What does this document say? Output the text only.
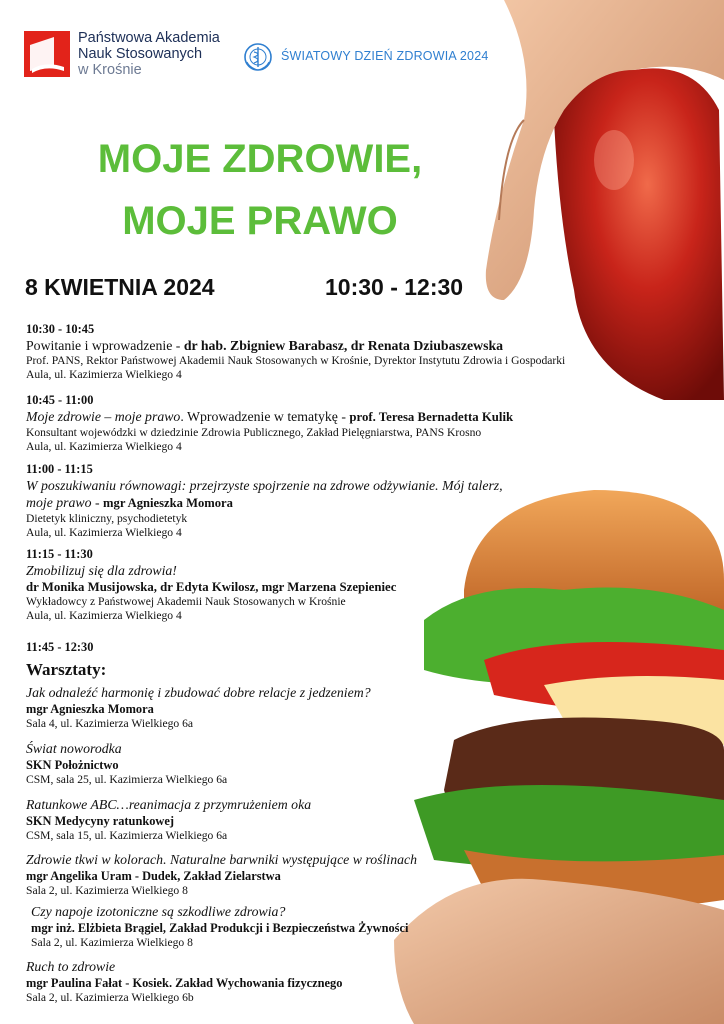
Państwowa Akademia
Nauk Stosowanych
w Krośnie
ŚWIATOWY DZIEŃ ZDROWIA 2024
MOJE ZDROWIE,
MOJE PRAWO
8 KWIETNIA 2024	10:30 - 12:30
10:30 - 10:45
Powitanie i wprowadzenie - dr hab. Zbigniew Barabasz, dr Renata Dziubaszewska
Prof. PANS, Rektor Państwowej Akademii Nauk Stosowanych w Krośnie, Dyrektor Instytutu Zdrowia i Gospodarki
Aula, ul. Kazimierza Wielkiego 4
10:45 - 11:00
Moje zdrowie – moje prawo. Wprowadzenie w tematykę - prof. Teresa Bernadetta Kulik
Konsultant wojewódzki w dziedzinie Zdrowia Publicznego, Zakład Pielęgniarstwa, PANS Krosno
Aula, ul. Kazimierza Wielkiego 4
11:00 - 11:15
W poszukiwaniu równowagi: przejrzyste spojrzenie na zdrowe odżywianie. Mój talerz,
moje prawo - mgr Agnieszka Momora
Dietetyk kliniczny, psychodietetyk
Aula, ul. Kazimierza Wielkiego 4
11:15 - 11:30
Zmobilizuj się dla zdrowia!
dr Monika Musijowska, dr Edyta Kwilosz, mgr Marzena Szepieniec
Wykładowcy z Państwowej Akademii Nauk Stosowanych w Krośnie
Aula, ul. Kazimierza Wielkiego 4
11:45 - 12:30
Warsztaty:
Jak odnaleźć harmonię i zbudować dobre relacje z jedzeniem?
mgr Agnieszka Momora
Sala 4, ul. Kazimierza Wielkiego 6a
Świat noworodka
SKN Położnictwo
CSM, sala 25, ul. Kazimierza Wielkiego 6a
Ratunkowe ABC…reanimacja z przymrużeniem oka
SKN Medycyny ratunkowej
CSM, sala 15, ul. Kazimierza Wielkiego 6a
Zdrowie tkwi w kolorach. Naturalne barwniki występujące w roślinach
mgr Angelika Uram - Dudek, Zakład Zielarstwa
Sala 2, ul. Kazimierza Wielkiego 8
Czy napoje izotoniczne są szkodliwe zdrowia?
mgr inż. Elżbieta Brągiel, Zakład Produkcji i Bezpieczeństwa Żywności
Sala 2, ul. Kazimierza Wielkiego 8
Ruch to zdrowie
mgr Paulina Fałat - Kosiek. Zakład Wychowania fizycznego
Sala 2, ul. Kazimierza Wielkiego 6b
